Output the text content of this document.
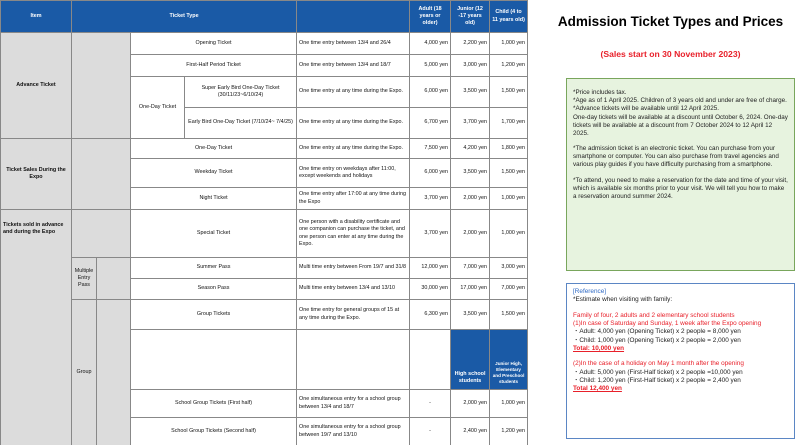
Item	Ticket Type					Adult (18 years or older)	Junior (12 -17 years old)	Child (4 to 11 years old)
Advance Ticket			Opening Ticket		One time entry between 13/4 and 26/4	4,000 yen	2,200 yen	1,000 yen
			First-Half Period Ticket		One time entry between 13/4 and 18/7	5,000 yen	3,000 yen	1,200 yen
			One-Day Ticket	Super Early Bird One-Day Ticket (30/11/23~6/10/24)	One time entry at any time during the Expo.	6,000 yen	3,500 yen	1,500 yen
				Early Bird One-Day Ticket (7/10/24~ 7/4/25)	One time entry at any time during the Expo.	6,700 yen	3,700 yen	1,700 yen
Ticket Sales During the Expo			One-Day Ticket		One time entry at any time during the Expo.	7,500 yen	4,200 yen	1,800 yen
			Weekday Ticket		One time entry on weekdays after 11:00, except weekends and holidays	6,000 yen	3,500 yen	1,500 yen
			Night Ticket		One time entry after 17:00 at any time during the Expo	3,700 yen	2,000 yen	1,000 yen
Tickets sold in advance and during the Expo			Special Ticket		One person with a disability certificate and one companion can purchase the ticket, and one person can enter at any time during the Expo.	3,700 yen	2,000 yen	1,000 yen
	Multiple Entry Pass		Summer Pass		Multi time entry between From 19/7 and 31/8	12,000 yen	7,000 yen	3,000 yen
			Season Pass		Multi time entry between 13/4 and 13/10	30,000 yen	17,000 yen	7,000 yen
	Group		Group Tickets		One time entry for general groups of 15 at any time during the Expo.	6,300 yen	3,500 yen	1,500 yen
							High school students	Junior High, Elementary and Preschool students
			School Group Tickets (First half)		One simultaneous entry for a school group between 13/4 and 18/7	-	2,000 yen	1,000 yen
			School Group Tickets (Second half)		One simultaneous entry for a school group between 19/7 and 13/10	-	2,400 yen	1,200 yen
Admission Ticket Types and Prices
(Sales start on 30 November 2023)

*Price includes tax.

*Age as of 1 April 2025. Children of 3 years old and under are free of charge.

*Advance tickets will be available until 12 April 2025.

One-day tickets will be available at a discount until October 6, 2024. One-day tickets will be available at a discount from 7 October 2024 to 12 April 12 2025.

*The admission ticket is an electronic ticket. You can purchase from your smartphone or computer. You can also purchase from travel agencies and various play guides if you have difficulty purchasing from a smartphone.

*To attend, you need to make a reservation for the date and time of your visit, which is available six months prior to your visit. We will tell you how to make a reservation around summer 2024.

[Reference]

*Estimate when visiting with family:

Family of four, 2 adults and 2 elementary school students

(1)In case of Saturday and Sunday, 1 week after the Expo opening

・Adult: 4,000 yen (Opening Ticket) x 2 people = 8,000 yen

・Child: 1,000 yen (Opening Ticket) x 2 people = 2,000 yen

Total: 10,000 yen

(2)In the case of a holiday on May 1 month after the opening

・Adult: 5,000 yen (First-Half ticket) x 2 people =10,000 yen

・Child: 1,200 yen (First-Half ticket) x 2 people = 2,400 yen

Total 12,400 yen
